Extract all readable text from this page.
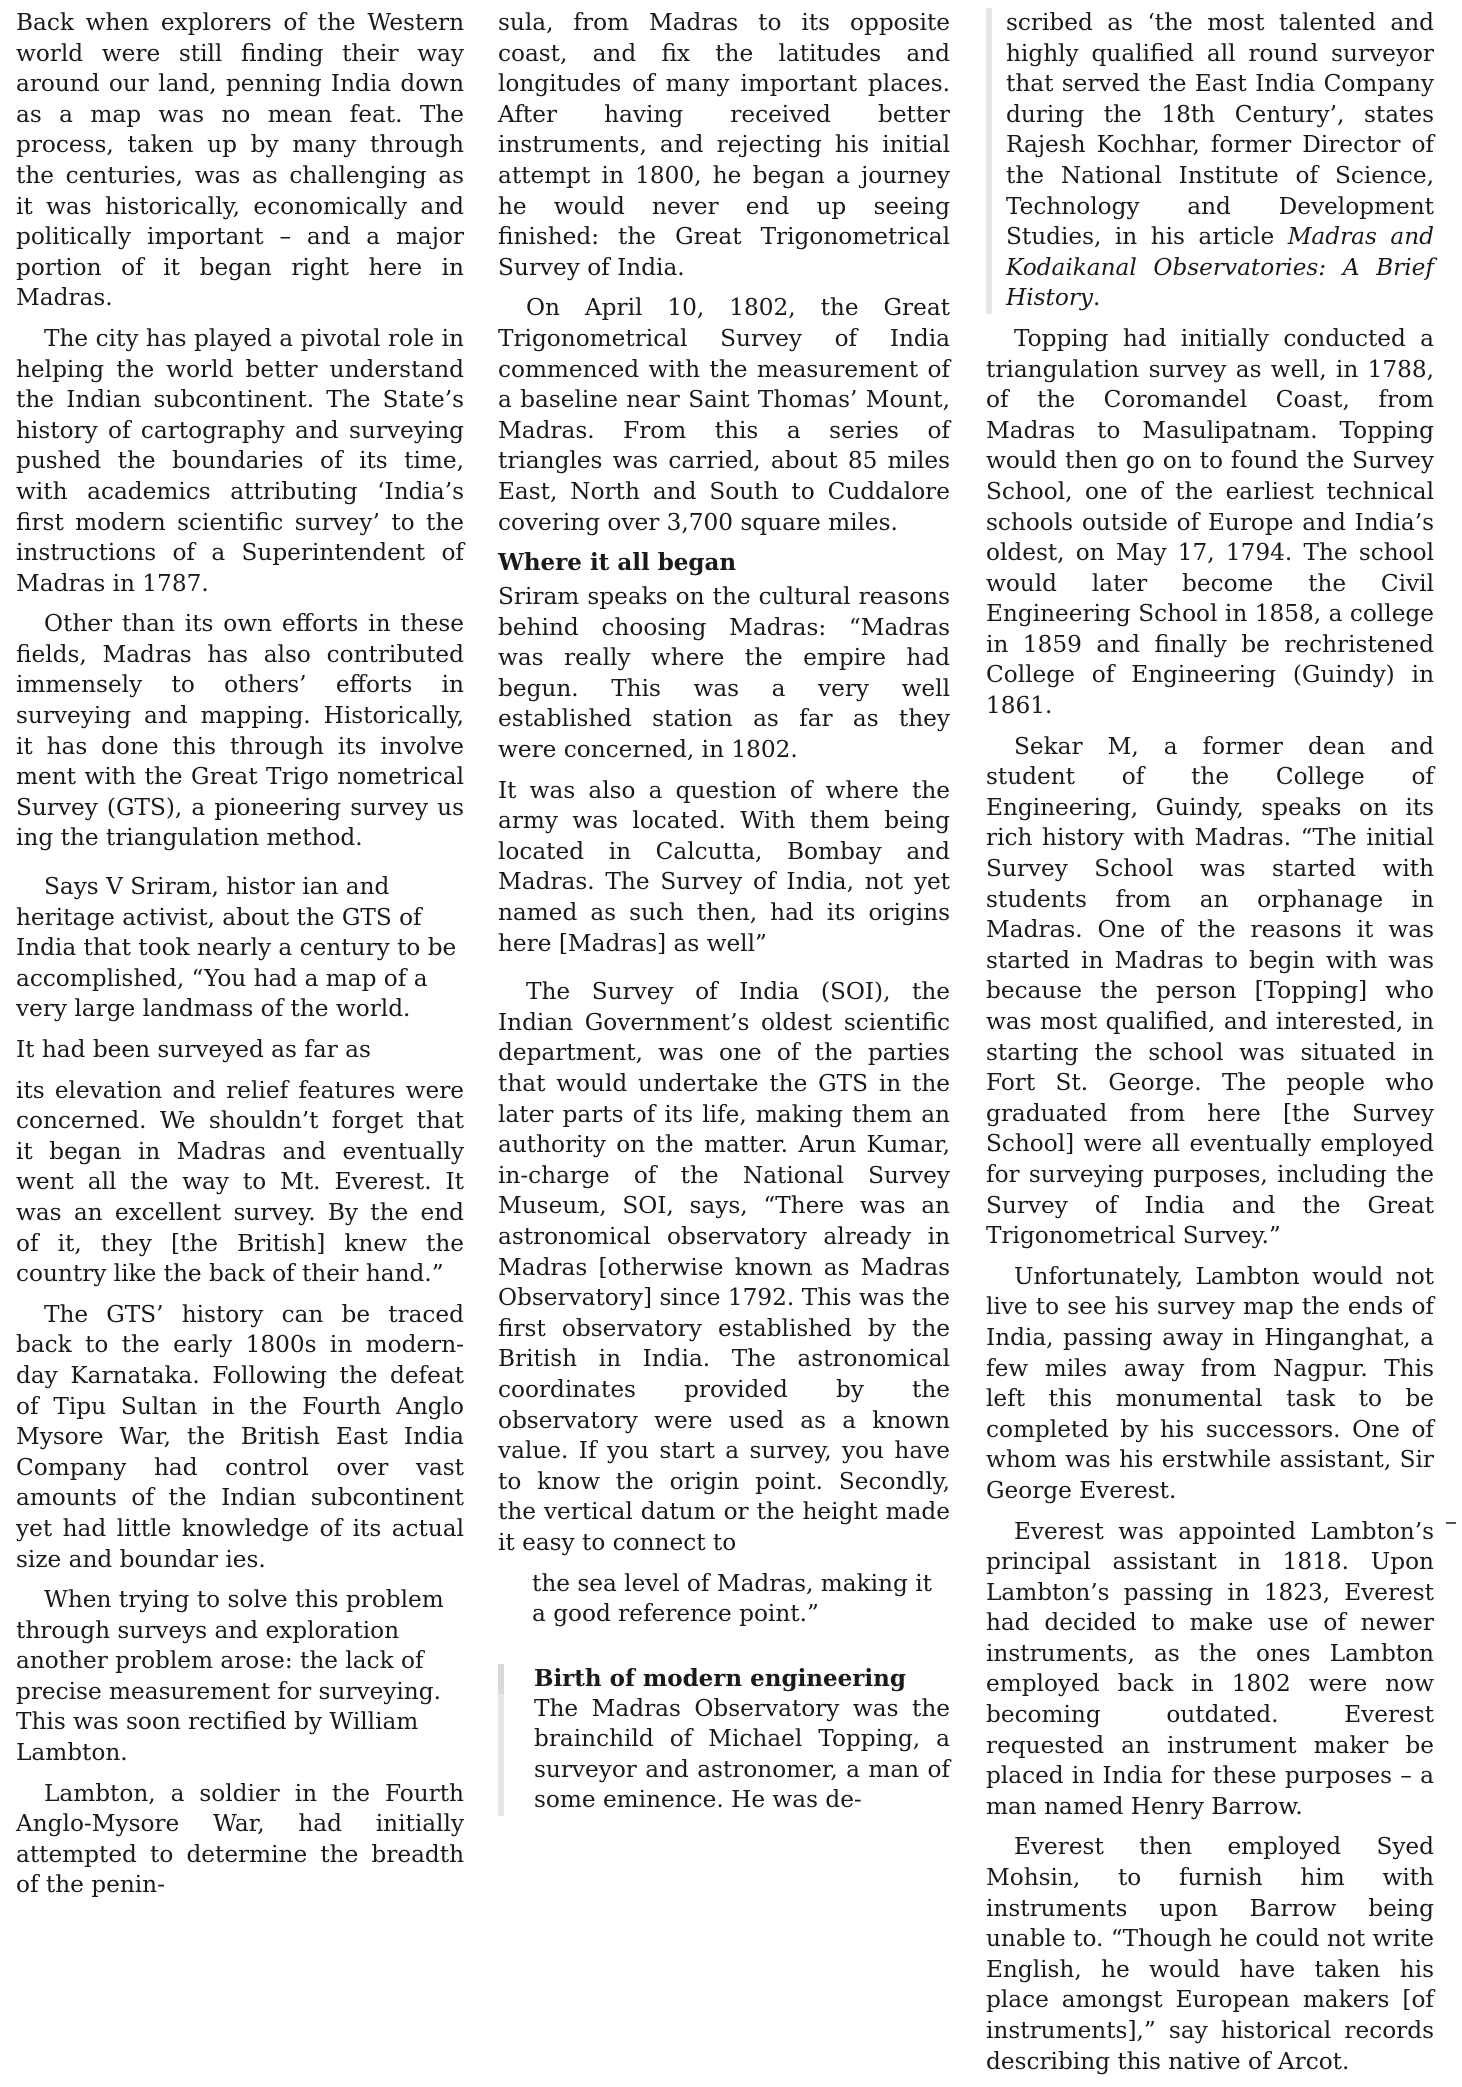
Back when explorers of the Western world were still finding their way around our land, penning India down as a map was no mean feat. The process, taken up by many through the centuries, was as challenging as it was historically, economically and politically important – and a major portion of it began right here in Madras.

The city has played a pivotal role in helping the world better understand the Indian subcontinent. The State’s history of cartography and surveying pushed the boundaries of its time, with academics attributing ‘India’s first modern scientific survey’ to the instructions of a Superintendent of Madras in 1787.

Other than its own efforts in these fields, Madras has also contributed immensely to others’ efforts in surveying and mapping. Historically, it has done this through its involve ment with the Great Trigo nometrical Survey (GTS), a pioneering survey us ing the triangulation method.

Says V Sriram, histor ian and heritage activist, about the GTS of India that took nearly a century to be accomplished, “You had a map of a very large landmass of the world.

It had been surveyed as far as

its elevation and relief features were concerned. We shouldn’t forget that it began in Madras and eventually went all the way to Mt. Everest. It was an excellent survey. By the end of it, they [the British] knew the country like the back of their hand.”

The GTS’ history can be traced back to the early 1800s in modern-day Karnataka. Following the defeat of Tipu Sultan in the Fourth Anglo Mysore War, the British East India Company had control over vast amounts of the Indian subcontinent yet had little knowledge of its actual size and boundar ies.

When trying to solve this problem through surveys and exploration another problem arose: the lack of precise measurement for surveying. This was soon rectified by William Lambton.

Lambton, a soldier in the Fourth Anglo-Mysore War, had initially attempted to determine the breadth of the penin-

sula, from Madras to its opposite coast, and fix the latitudes and longitudes of many important places. After having received better instruments, and rejecting his initial attempt in 1800, he began a journey he would never end up seeing finished: the Great Trigonometrical Survey of India.

On April 10, 1802, the Great Trigonometrical Survey of India commenced with the measurement of a baseline near Saint Thomas’ Mount, Madras. From this a series of triangles was carried, about 85 miles East, North and South to Cuddalore covering over 3,700 square miles.

Where it all began

Sriram speaks on the cultural reasons behind choosing Madras: “Madras was really where the empire had begun. This was a very well established station as far as they were concerned, in 1802.

It was also a question of where the army was located. With them being located in Calcutta, Bombay and Madras. The Survey of India, not yet named as such then, had its origins here [Madras] as well”

The Survey of India (SOI), the Indian Government’s oldest scientific department, was one of the parties that would undertake the GTS in the later parts of its life, making them an authority on the matter. Arun Kumar, in-charge of the National Survey Museum, SOI, says, “There was an astronomical observatory already in Madras [otherwise known as Madras Observatory] since 1792. This was the first observatory established by the British in India. The astronomical coordinates provided by the observatory were used as a known value. If you start a survey, you have to know the origin point. Secondly, the vertical datum or the height made it easy to connect to

the sea level of Madras, making it a good reference point.”

Birth of modern engineering

The Madras Observatory was the brainchild of Michael Topping, a surveyor and astronomer, a man of some eminence. He was de-

scribed as ‘the most talented and highly qualified all round surveyor that served the East India Company during the 18th Century’, states Rajesh Kochhar, former Director of the National Institute of Science, Technology and Development Studies, in his article Madras and Kodaikanal Observatories: A Brief History.

Topping had initially conducted a triangulation survey as well, in 1788, of the Coromandel Coast, from Madras to Masulipatnam. Topping would then go on to found the Survey School, one of the earliest technical schools outside of Europe and India’s oldest, on May 17, 1794. The school would later become the Civil Engineering School in 1858, a college in 1859 and finally be rechristened College of Engineering (Guindy) in 1861.

Sekar M, a former dean and student of the College of Engineering, Guindy, speaks on its rich history with Madras. “The initial Survey School was started with students from an orphanage in Madras. One of the reasons it was started in Madras to begin with was because the person [Topping] who was most qualified, and interested, in starting the school was situated in Fort St. George. The people who graduated from here [the Survey School] were all eventually employed for surveying purposes, including the Survey of India and the Great Trigonometrical Survey.”

Unfortunately, Lambton would not live to see his survey map the ends of India, passing away in Hinganghat, a few miles away from Nagpur. This left this monumental task to be completed by his successors. One of whom was his erstwhile assistant, Sir George Everest.

Everest was appointed Lambton’s principal assistant in 1818. Upon Lambton’s passing in 1823, Everest had decided to make use of newer instruments, as the ones Lambton employed back in 1802 were now becoming outdated. Everest requested an instrument maker be placed in India for these purposes – a man named Henry Barrow.

Everest then employed Syed Mohsin, to furnish him with instruments upon Barrow being unable to. “Though he could not write English, he would have taken his place amongst European makers [of instruments],” say historical records describing this native of Arcot.
